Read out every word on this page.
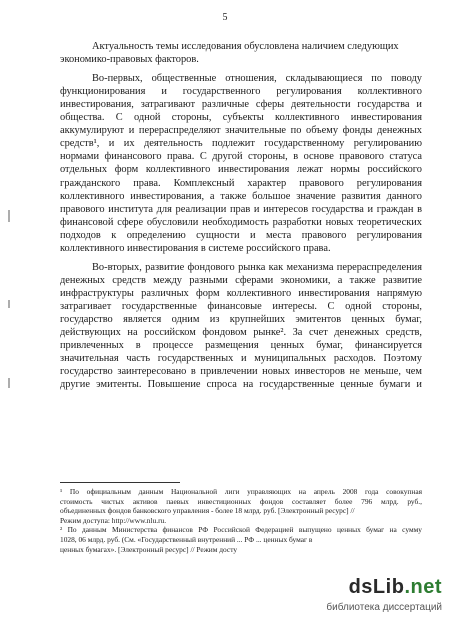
5
Актуальность темы исследования обусловлена наличием следующих
экономико-правовых факторов.
Во-первых, общественные отношения, складывающиеся по поводу
функционирования и государственного регулирования коллективного
инвестирования, затрагивают различные сферы деятельности государства и
общества. С одной стороны, субъекты коллективного инвестирования
аккумулируют и перераспределяют значительные по объему фонды денежных
средств¹, и их деятельность подлежит государственному регулированию
нормами финансового права. С другой стороны, в основе правового статуса
отдельных форм коллективного инвестирования лежат нормы российского
гражданского права. Комплексный характер правового регулирования
коллективного инвестирования, а также большое значение развития данного
правового института для реализации прав и интересов государства и граждан в
финансовой сфере обусловили необходимость разработки новых теоретических
подходов к определению сущности и места правового регулирования
коллективного инвестирования в системе российского права.
Во-вторых, развитие фондового рынка как механизма перераспределения
денежных средств между разными сферами экономики, а также развитие
инфраструктуры различных форм коллективного инвестирования напрямую
затрагивает государственные финансовые интересы. С одной стороны,
государство является одним из крупнейших эмитентов ценных бумаг,
действующих на российском фондовом рынке². За счет денежных средств,
привлеченных в процессе размещения ценных бумаг, финансируется
значительная часть государственных и муниципальных расходов. Поэтому
государство заинтересовано в привлечении новых инвесторов не меньше, чем
другие эмитенты. Повышение спроса на государственные ценные бумаги и
¹ По официальным данным Национальной лиги управляющих на апрель 2008 года совокупная
стоимость чистых активов паевых инвестиционных фондов составляет более 796 млрд. руб.,
объединенных фондов банковского управления - более 18 млрд. руб. [Электронный ресурс] //
Режим доступа: http://www.nlu.ru.
² По данным Министерства финансов РФ Российской Федерацией выпущено ценных бумаг на сумму
1028, 06 млрд. руб. (См. «Государственный внутренний ... РФ ... ценных бумаг в
ценных бумагах». [Электронный ресурс] // Режим досту
dsLib.net
библиотека диссертаций
